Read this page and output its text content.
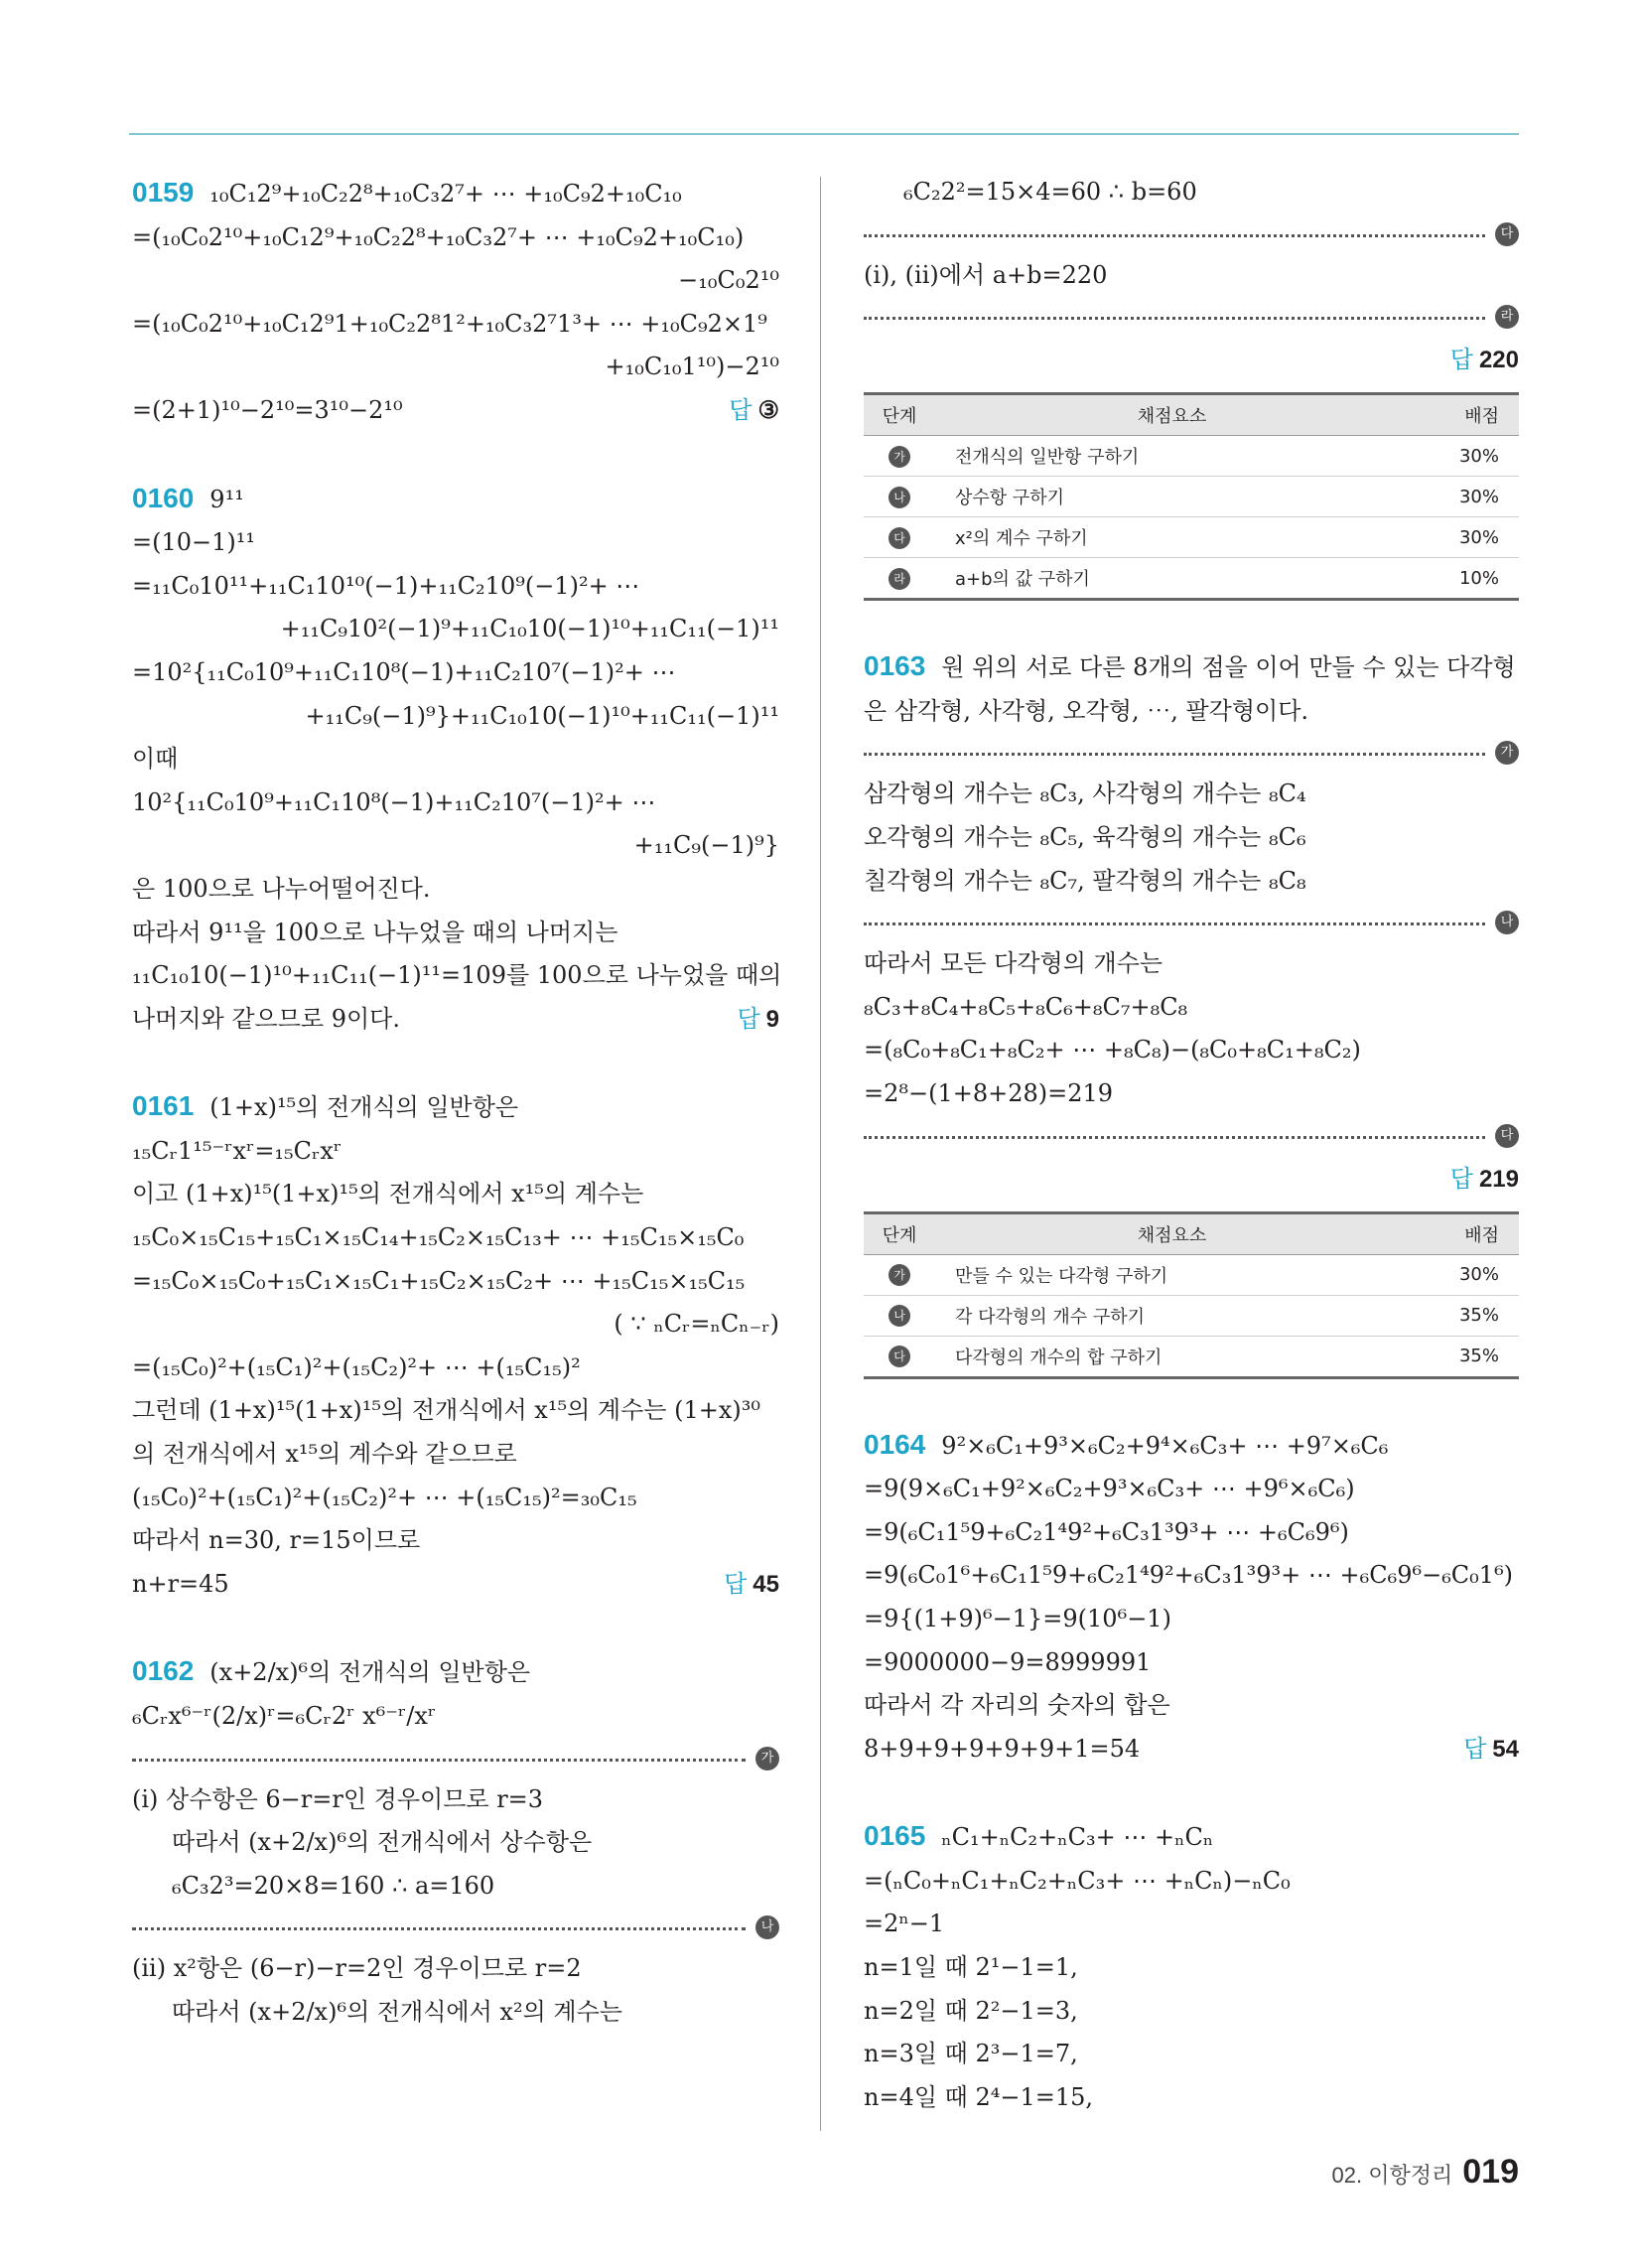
0159 ₁₀C₁2⁹+₁₀C₂2⁸+₁₀C₃2⁷+ ⋯ +₁₀C₉2+₁₀C₁₀
=(₁₀C₀2¹⁰+₁₀C₁2⁹+₁₀C₂2⁸+₁₀C₃2⁷+ ⋯ +₁₀C₉2+₁₀C₁₀)
−₁₀C₀2¹⁰
=(₁₀C₀2¹⁰+₁₀C₁2⁹1+₁₀C₂2⁸1²+₁₀C₃2⁷1³+ ⋯ +₁₀C₉2×1⁹
+₁₀C₁₀1¹⁰)−2¹⁰
=(2+1)¹⁰−2¹⁰=3¹⁰−2¹⁰	답 ③
0160 9¹¹
=(10−1)¹¹
=₁₁C₀10¹¹+₁₁C₁10¹⁰(−1)+₁₁C₂10⁹(−1)²+ ⋯
+₁₁C₉10²(−1)⁹+₁₁C₁₀10(−1)¹⁰+₁₁C₁₁(−1)¹¹
=10²{₁₁C₀10⁹+₁₁C₁10⁸(−1)+₁₁C₂10⁷(−1)²+ ⋯
+₁₁C₉(−1)⁹}+₁₁C₁₀10(−1)¹⁰+₁₁C₁₁(−1)¹¹
이때
10²{₁₁C₀10⁹+₁₁C₁10⁸(−1)+₁₁C₂10⁷(−1)²+ ⋯
+₁₁C₉(−1)⁹}
은 100으로 나누어떨어진다.
따라서 9¹¹을 100으로 나누었을 때의 나머지는
₁₁C₁₀10(−1)¹⁰+₁₁C₁₁(−1)¹¹=109를 100으로 나누었을 때의
나머지와 같으므로 9이다.	답 9
0161 (1+x)¹⁵의 전개식의 일반항은
₁₅Cᵣ1¹⁵⁻ʳxʳ=₁₅Cᵣxʳ
이고 (1+x)¹⁵(1+x)¹⁵의 전개식에서 x¹⁵의 계수는
₁₅C₀×₁₅C₁₅+₁₅C₁×₁₅C₁₄+₁₅C₂×₁₅C₁₃+ ⋯ +₁₅C₁₅×₁₅C₀
=₁₅C₀×₁₅C₀+₁₅C₁×₁₅C₁+₁₅C₂×₁₅C₂+ ⋯ +₁₅C₁₅×₁₅C₁₅
( ∵ ₙCᵣ=ₙCₙ₋ᵣ)
=(₁₅C₀)²+(₁₅C₁)²+(₁₅C₂)²+ ⋯ +(₁₅C₁₅)²
그런데 (1+x)¹⁵(1+x)¹⁵의 전개식에서 x¹⁵의 계수는 (1+x)³⁰
의 전개식에서 x¹⁵의 계수와 같으므로
(₁₅C₀)²+(₁₅C₁)²+(₁₅C₂)²+ ⋯ +(₁₅C₁₅)²=₃₀C₁₅
따라서 n=30, r=15이므로
n+r=45	답 45
0162 (x+2/x)⁶의 전개식의 일반항은
₆Cᵣx⁶⁻ʳ(2/x)ʳ=₆Cᵣ2ʳ x⁶⁻ʳ/xʳ
가
(i) 상수항은 6−r=r인 경우이므로 r=3
따라서 (x+2/x)⁶의 전개식에서 상수항은
₆C₃2³=20×8=160 ∴ a=160
나
(ii) x²항은 (6−r)−r=2인 경우이므로 r=2
따라서 (x+2/x)⁶의 전개식에서 x²의 계수는
₆C₂2²=15×4=60 ∴ b=60
다
(i), (ii)에서 a+b=220
라
답 220
단계	채점요소	배점
가	전개식의 일반항 구하기	30%
나	상수항 구하기	30%
다	x²의 계수 구하기	30%
라	a+b의 값 구하기	10%
0163 원 위의 서로 다른 8개의 점을 이어 만들 수 있는 다각형
은 삼각형, 사각형, 오각형, ⋯, 팔각형이다.
가
삼각형의 개수는 ₈C₃, 사각형의 개수는 ₈C₄
오각형의 개수는 ₈C₅, 육각형의 개수는 ₈C₆
칠각형의 개수는 ₈C₇, 팔각형의 개수는 ₈C₈
나
따라서 모든 다각형의 개수는
₈C₃+₈C₄+₈C₅+₈C₆+₈C₇+₈C₈
=(₈C₀+₈C₁+₈C₂+ ⋯ +₈C₈)−(₈C₀+₈C₁+₈C₂)
=2⁸−(1+8+28)=219
다
답 219
단계	채점요소	배점
가	만들 수 있는 다각형 구하기	30%
나	각 다각형의 개수 구하기	35%
다	다각형의 개수의 합 구하기	35%
0164 9²×₆C₁+9³×₆C₂+9⁴×₆C₃+ ⋯ +9⁷×₆C₆
=9(9×₆C₁+9²×₆C₂+9³×₆C₃+ ⋯ +9⁶×₆C₆)
=9(₆C₁1⁵9+₆C₂1⁴9²+₆C₃1³9³+ ⋯ +₆C₆9⁶)
=9(₆C₀1⁶+₆C₁1⁵9+₆C₂1⁴9²+₆C₃1³9³+ ⋯ +₆C₆9⁶−₆C₀1⁶)
=9{(1+9)⁶−1}=9(10⁶−1)
=9000000−9=8999991
따라서 각 자리의 숫자의 합은
8+9+9+9+9+9+1=54	답 54
0165 ₙC₁+ₙC₂+ₙC₃+ ⋯ +ₙCₙ
=(ₙC₀+ₙC₁+ₙC₂+ₙC₃+ ⋯ +ₙCₙ)−ₙC₀
=2ⁿ−1
n=1일 때 2¹−1=1,
n=2일 때 2²−1=3,
n=3일 때 2³−1=7,
n=4일 때 2⁴−1=15,
02. 이항정리 019
